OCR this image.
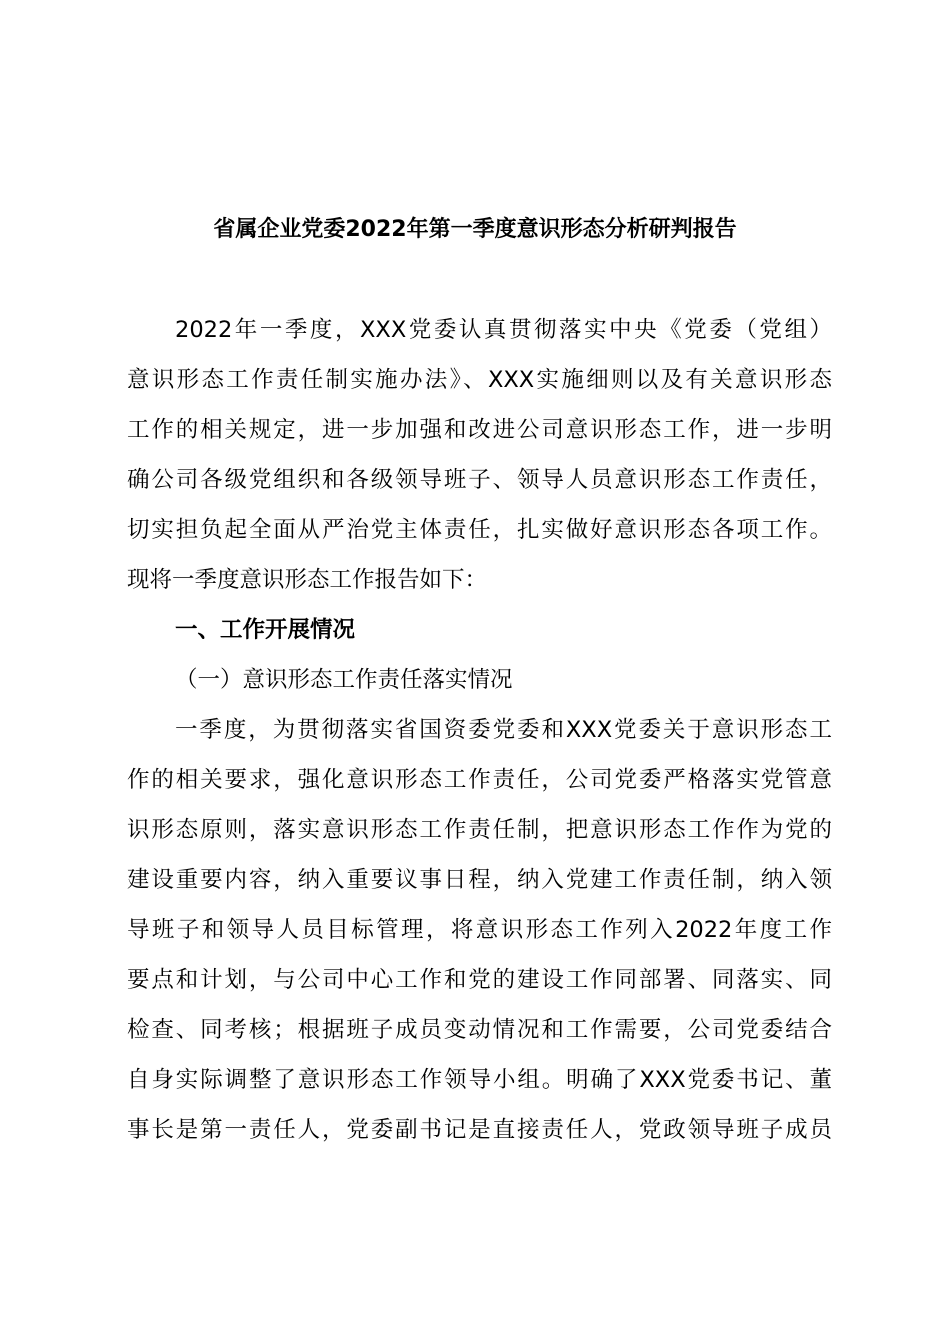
省属企业党委2022年第一季度意识形态分析研判报告
2022年一季度，XXX党委认真贯彻落实中央《党委（党组）
意识形态工作责任制实施办法》、XXX实施细则以及有关意识形态
工作的相关规定，进一步加强和改进公司意识形态工作，进一步明
确公司各级党组织和各级领导班子、领导人员意识形态工作责任，
切实担负起全面从严治党主体责任，扎实做好意识形态各项工作。
现将一季度意识形态工作报告如下：
一、工作开展情况
（一）意识形态工作责任落实情况
一季度，为贯彻落实省国资委党委和XXX党委关于意识形态工
作的相关要求，强化意识形态工作责任，公司党委严格落实党管意
识形态原则，落实意识形态工作责任制，把意识形态工作作为党的
建设重要内容，纳入重要议事日程，纳入党建工作责任制，纳入领
导班子和领导人员目标管理，将意识形态工作列入2022年度工作
要点和计划，与公司中心工作和党的建设工作同部署、同落实、同
检查、同考核；根据班子成员变动情况和工作需要，公司党委结合
自身实际调整了意识形态工作领导小组。明确了XXX党委书记、董
事长是第一责任人，党委副书记是直接责任人，党政领导班子成员
